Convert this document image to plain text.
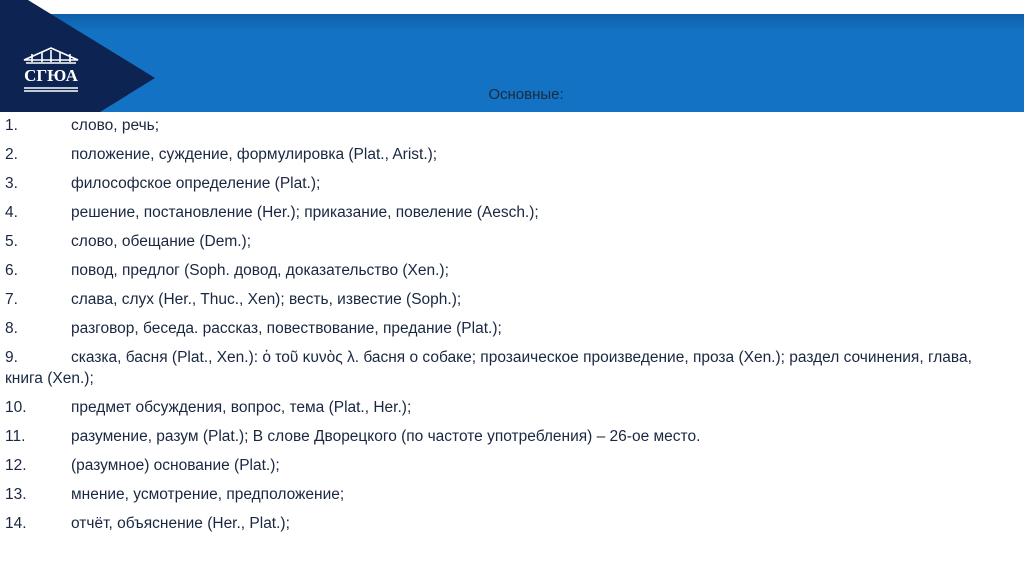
СГЮА
Основные:
1.	слово, речь;
2.	положение, суждение, формулировка (Plat., Arist.);
3.	философское определение (Plat.);
4.	решение, постановление (Her.); приказание, повеление (Aesch.);
5.	слово, обещание (Dem.);
6.	повод, предлог (Soph. довод, доказательство (Xen.);
7.	слава, слух (Her., Thuc., Xen); весть, известие (Soph.);
8.	разговор, беседа. рассказ, повествование, предание (Plat.);
9.	сказка, басня (Plat., Xen.): ὁ τοῦ κυνὸς λ. басня о собаке; прозаическое произведение, проза (Xen.); раздел сочинения, глава, книга (Xen.);
10.	предмет обсуждения, вопрос, тема (Plat., Her.);
11.	разумение, разум (Plat.); В слове Дворецкого (по частоте употребления) – 26-ое место.
12.	(разумное) основание (Plat.);
13.	мнение, усмотрение, предположение;
14.	отчёт, объяснение (Her., Plat.);
